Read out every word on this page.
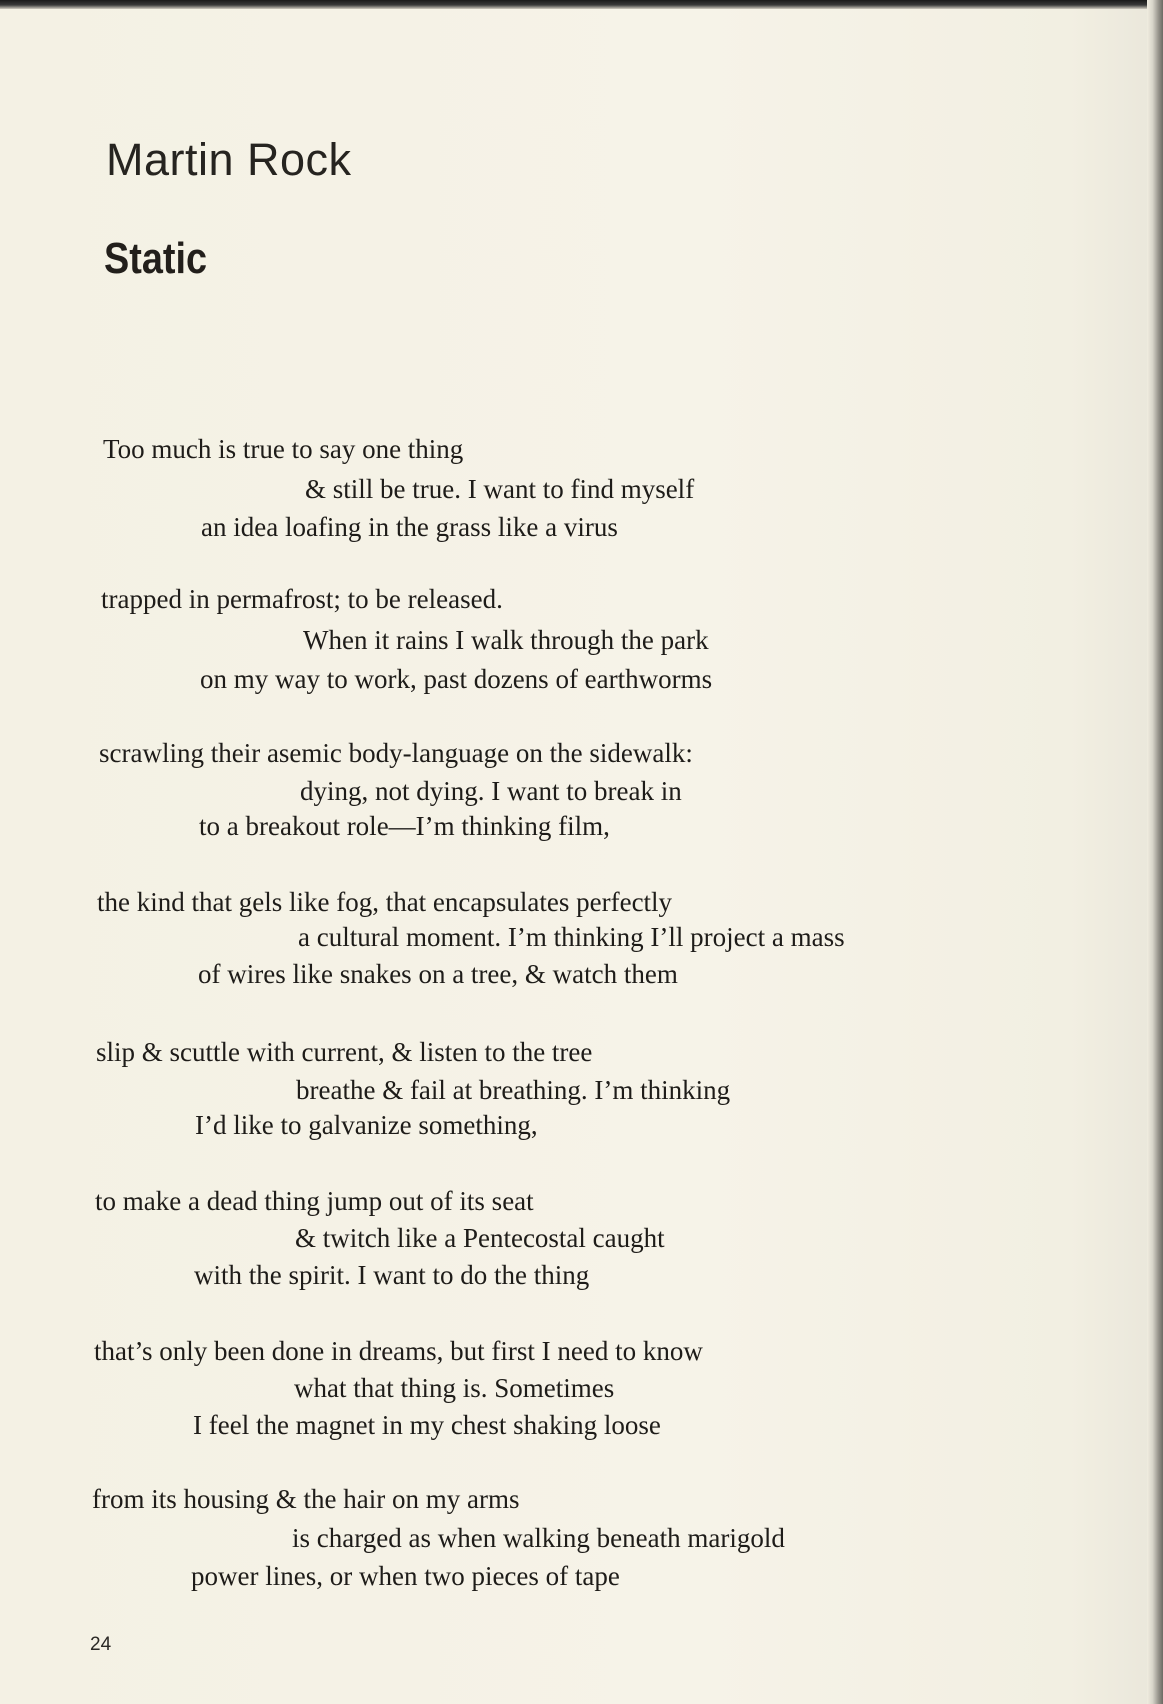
Martin Rock
Static
Too much is true to say one thing
& still be true. I want to find myself
an idea loafing in the grass like a virus
trapped in permafrost; to be released.
When it rains I walk through the park
on my way to work, past dozens of earthworms
scrawling their asemic body-language on the sidewalk:
dying, not dying. I want to break in
to a breakout role—I’m thinking film,
the kind that gels like fog, that encapsulates perfectly
a cultural moment. I’m thinking I’ll project a mass
of wires like snakes on a tree, & watch them
slip & scuttle with current, & listen to the tree
breathe & fail at breathing. I’m thinking
I’d like to galvanize something,
to make a dead thing jump out of its seat
& twitch like a Pentecostal caught
with the spirit. I want to do the thing
that’s only been done in dreams, but first I need to know
what that thing is. Sometimes
I feel the magnet in my chest shaking loose
from its housing & the hair on my arms
is charged as when walking beneath marigold
power lines, or when two pieces of tape
24
